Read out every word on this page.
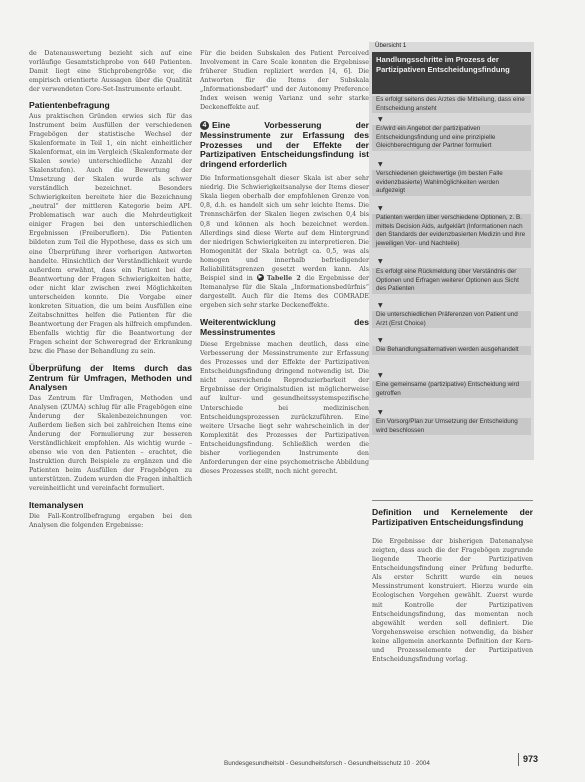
de Datenauswertung bezieht sich auf eine vorläufige Gesamtstichprobe von 640 Patienten. Damit liegt eine Stichprobengröße vor, die empirisch orientierte Aussagen über die Qualität der verwendeten Core-Set-Instrumente erlaubt.

Patientenbefragung

Aus praktischen Gründen erwies sich für das Instrument beim Ausfüllen der verschiedenen Fragebögen der statistische Wechsel der Skalenformate in Teil 1, ein nicht einheitlicher Skalenformat, ein im Vergleich (Skalenformate der Skalen sowie) unterschiedliche Anzahl der Skalenstufen). Auch die Bewertung der Umsetzung der Skalen wurde als schwer verständlich bezeichnet. Besonders Schwierigkeiten bereitete hier die Bezeichnung „neutral“ der mittleren Kategorie beim API. Problematisch war auch die Mehrdeutigkeit einiger Fragen bei den unterschiedlichen Ergebnissen (Freiberuflern). Die Patienten bildeten zum Teil die Hypothese, dass es sich um eine Überprüfung ihrer vorherigen Antworten handelte. Hinsichtlich der Verständlichkeit wurde außerdem erwähnt, dass ein Patient bei der Beantwortung der Fragen Schwierigkeiten hatte, oder nicht klar zwischen zwei Möglichkeiten unterscheiden konnte. Die Vorgabe einer konkreten Situation, die um beim Ausfüllen eine Zeitabschnittes helfen die Patienten für die Beantwortung der Fragen als hilfreich empfunden. Ebenfalls wichtig für die Beantwortung der Fragen scheint der Schweregrad der Erkrankung bzw. die Phase der Behandlung zu sein.

Überprüfung der Items durch das Zentrum für Umfragen, Methoden und Analysen

Das Zentrum für Umfragen, Methoden und Analysen (ZUMA) schlug für alle Fragebögen eine Änderung der Skalenbezeichnungen vor. Außerdem ließen sich bei zahlreichen Items eine Änderung der Formulierung zur besseren Verständlichkeit empfohlen. Als wichtig wurde – ebenso wie von den Patienten – erachtet, die Instruktion durch Beispiele zu ergänzen und die Patienten beim Ausfüllen der Fragebögen zu unterstützen. Zudem wurden die Fragen inhaltlich vereinheitlicht und vereinfacht formuliert.

Itemanalysen

Die Fall-Kontrollbefragung ergaben bei den Analysen die folgenden Ergebnisse:

Für die beiden Subskalen des Patient Perceived Involvement in Care Scale konnten die Ergebnisse früherer Studien repliziert werden [4, 6]. Die Antworten für die Items der Subskala „Informationsbedarf“ und der Autonomy Preference Index weisen wenig Varianz und sehr starke Deckeneffekte auf.

4 Eine Vorbesserung der Messinstrumente zur Erfassung des Prozesses und der Effekte der Partizipativen Entscheidungsfindung ist dringend erforderlich

Die Informationsgehalt dieser Skala ist aber sehr niedrig. Die Schwierigkeitsanalyse der Items dieser Skala liegen oberhalb der empfohlenen Grenze von 0,8, d.h. es handelt sich um sehr leichte Items. Die Trennschärfen der Skalen liegen zwischen 0,4 bis 0,8 und können als hoch bezeichnet werden. Allerdings sind diese Werte auf dem Hintergrund der niedrigen Schwierigkeiten zu interpretieren. Die Homogenität der Skala beträgt ca. 0,5, was als homogen und innerhalb befriedigender Reliabilitätsgrenzen gesetzt werden kann. Als Beispiel sind in ▶ Tabelle 2 die Ergebnisse der Itemanalyse für die Skala „Informationsbedürfnis“ dargestellt. Auch für die Items des COMRADE ergeben sich sehr starke Deckeneffekte.

Weiterentwicklung des Messinstrumentes

Diese Ergebnisse machen deutlich, dass eine Verbesserung der Messinstrumente zur Erfassung des Prozesses und der Effekte der Partizipativen Entscheidungsfindung dringend notwendig ist. Die nicht ausreichende Reproduzierbarkeit der Ergebnisse der Originalstudien ist möglicherweise auf kultur- und gesundheitssystemspezifische Unterschiede bei medizinischen Entscheidungsprozessen zurückzuführen. Eine weitere Ursache liegt sehr wahrscheinlich in der Komplexität des Prozesses der Partizipativen Entscheidungsfindung. Schließlich werden die bisher vorliegenden Instrumente den Anforderungen der eine psychometrische Abbildung dieses Prozesses stellt, noch nicht gerecht.

Übersicht 1
Handlungsschritte im Prozess der Partizipativen Entscheidungsfindung
Es erfolgt seitens des Arztes die Mitteilung, dass eine Entscheidung ansteht
▼
Er/wird ein Angebot der partizipativen Entscheidungsfindung und eine prinzipielle Gleichberechtigung der Partner formuliert
▼
Verschiedenen gleichwertige (im besten Falle evidenzbasierte) Wahlmöglichkeiten werden aufgezeigt
▼
Patienten werden über verschiedene Optionen, z. B. mittels Decision Aids, aufgeklärt (Informationen nach den Standards der evidenzbasierten Medizin und ihre jeweiligen Vor- und Nachteile)
▼
Es erfolgt eine Rückmeldung über Verständnis der Optionen und Erfragen weiterer Optionen aus Sicht des Patienten
▼
Die unterschiedlichen Präferenzen von Patient und Arzt (Erst Choice)
▼
Die Behandlungsalternativen werden ausgehandelt
▼
Eine gemeinsame (partizipative) Entscheidung wird getroffen
▼
Ein Vorsorg/Plan zur Umsetzung der Entscheidung wird beschlossen

Definition und Kernelemente der Partizipativen Entscheidungsfindung

Die Ergebnisse der bisherigen Datenanalyse zeigten, dass auch die der Fragebögen zugrunde liegende Theorie der Partizipativen Entscheidungsfindung einer Prüfung bedurfte. Als erster Schritt wurde ein neues Messinstrument konstruiert. Hierzu wurde ein Ecologischen Vorgehen gewählt. Zuerst wurde mit Kontrolle der Partizipativen Entscheidungsfindung, das momentan noch abgewählt werden soll definiert. Die Vorgehensweise erschien notwendig, da bisher keine allgemein anerkannte Definition der Kern- und Prozesselemente der Partizipativen Entscheidungsfindung vorlag.

Bundesgesundheitsbl - Gesundheitsforsch - Gesundheitsschutz 10 · 2004	973
